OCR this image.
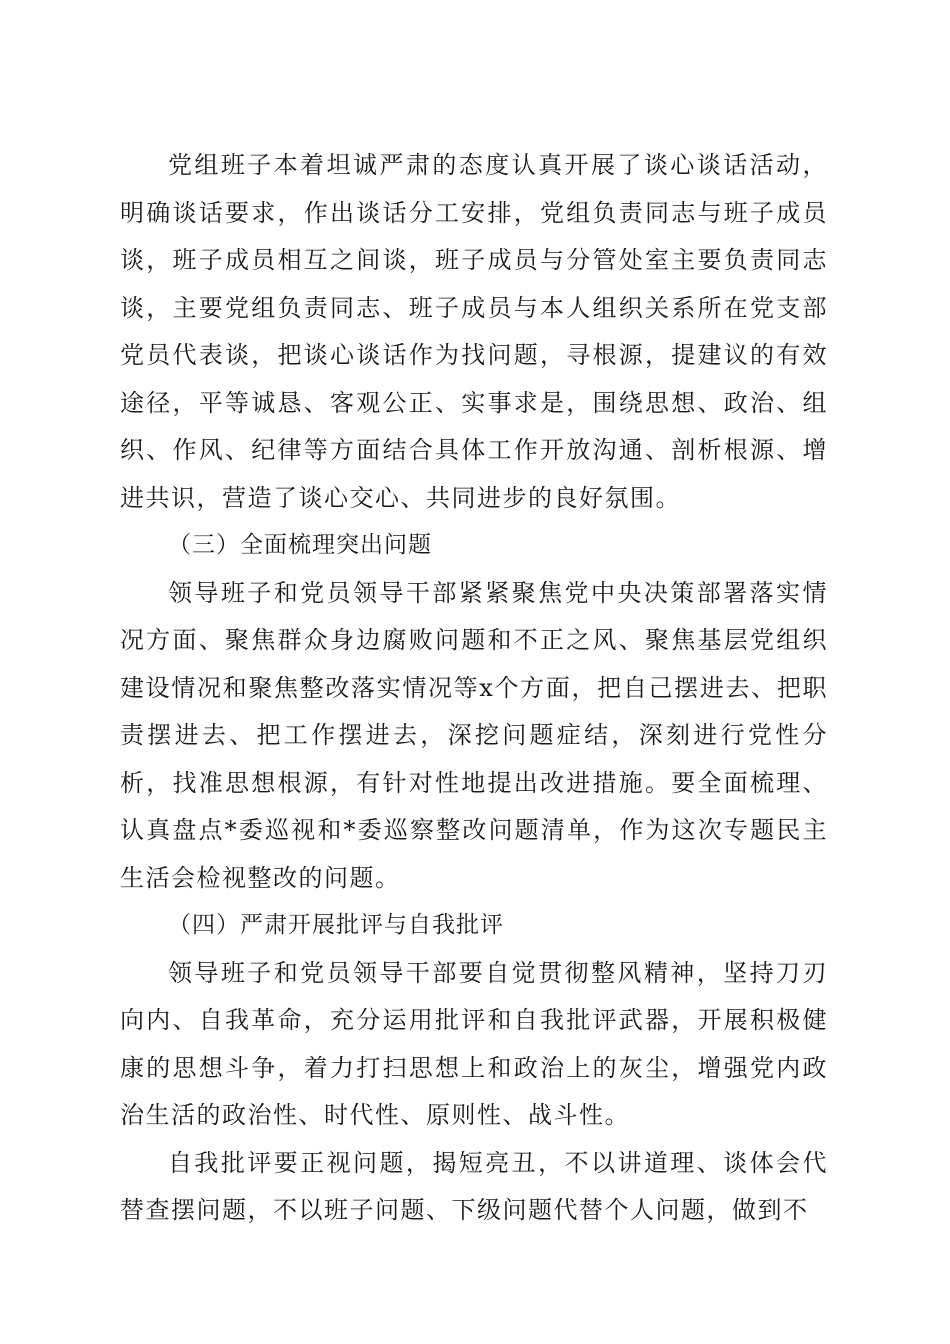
党组班子本着坦诚严肃的态度认真开展了谈心谈话活动，明确谈话要求，作出谈话分工安排，党组负责同志与班子成员谈，班子成员相互之间谈，班子成员与分管处室主要负责同志谈，主要党组负责同志、班子成员与本人组织关系所在党支部党员代表谈，把谈心谈话作为找问题，寻根源，提建议的有效途径，平等诚恳、客观公正、实事求是，围绕思想、政治、组织、作风、纪律等方面结合具体工作开放沟通、剖析根源、增进共识，营造了谈心交心、共同进步的良好氛围。

（三）全面梳理突出问题

领导班子和党员领导干部紧紧聚焦党中央决策部署落实情况方面、聚焦群众身边腐败问题和不正之风、聚焦基层党组织建设情况和聚焦整改落实情况等x个方面，把自己摆进去、把职责摆进去、把工作摆进去，深挖问题症结，深刻进行党性分析，找准思想根源，有针对性地提出改进措施。要全面梳理、认真盘点*委巡视和*委巡察整改问题清单，作为这次专题民主生活会检视整改的问题。

（四）严肃开展批评与自我批评

领导班子和党员领导干部要自觉贯彻整风精神，坚持刀刃向内、自我革命，充分运用批评和自我批评武器，开展积极健康的思想斗争，着力打扫思想上和政治上的灰尘，增强党内政治生活的政治性、时代性、原则性、战斗性。

自我批评要正视问题，揭短亮丑，不以讲道理、谈体会代替查摆问题，不以班子问题、下级问题代替个人问题，做到不
